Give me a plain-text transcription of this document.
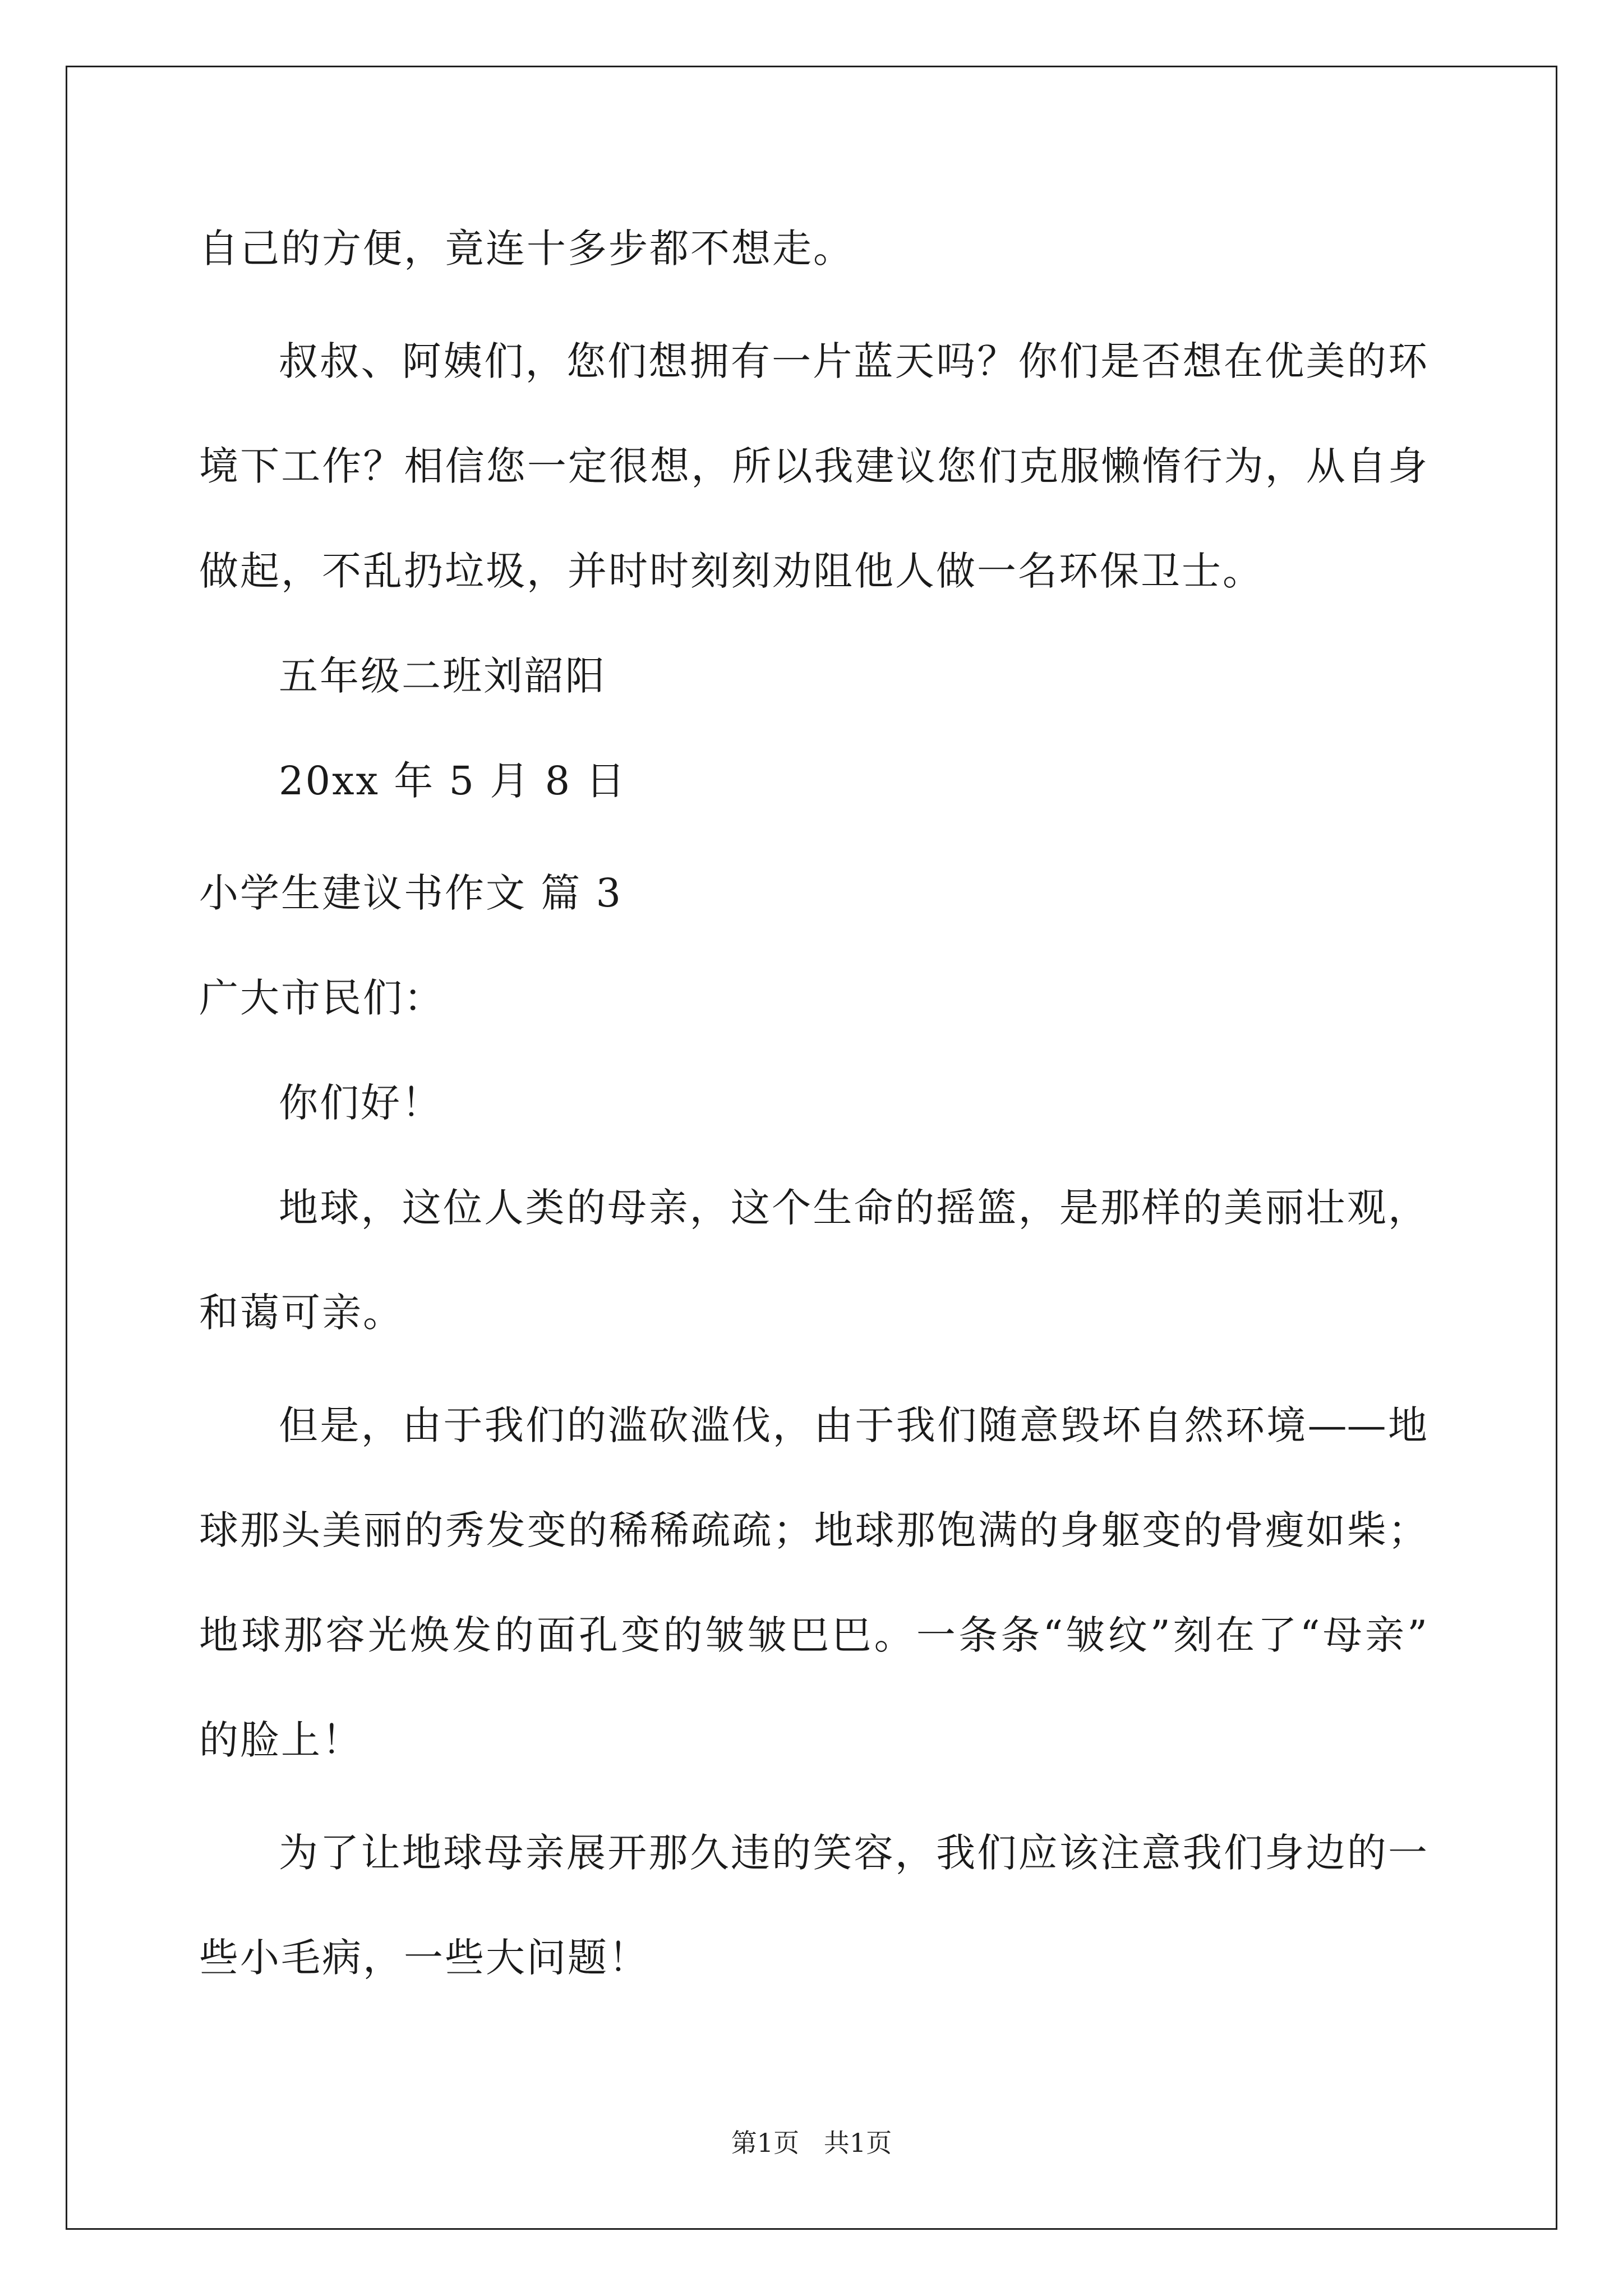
自己的方便，竟连十多步都不想走。
叔叔、阿姨们，您们想拥有一片蓝天吗？你们是否想在优美的环
境下工作？相信您一定很想，所以我建议您们克服懒惰行为，从自身
做起，不乱扔垃圾，并时时刻刻劝阻他人做一名环保卫士。
五年级二班刘韶阳
20xx 年 5 月 8 日
小学生建议书作文 篇 3
广大市民们：
你们好！
地球，这位人类的母亲，这个生命的摇篮，是那样的美丽壮观，
和蔼可亲。
但是，由于我们的滥砍滥伐，由于我们随意毁坏自然环境——地
球那头美丽的秀发变的稀稀疏疏；地球那饱满的身躯变的骨瘦如柴；
地球那容光焕发的面孔变的皱皱巴巴。一条条“皱纹”刻在了“母亲”
的脸上！
为了让地球母亲展开那久违的笑容，我们应该注意我们身边的一
些小毛病，一些大问题！
第1页   共1页
